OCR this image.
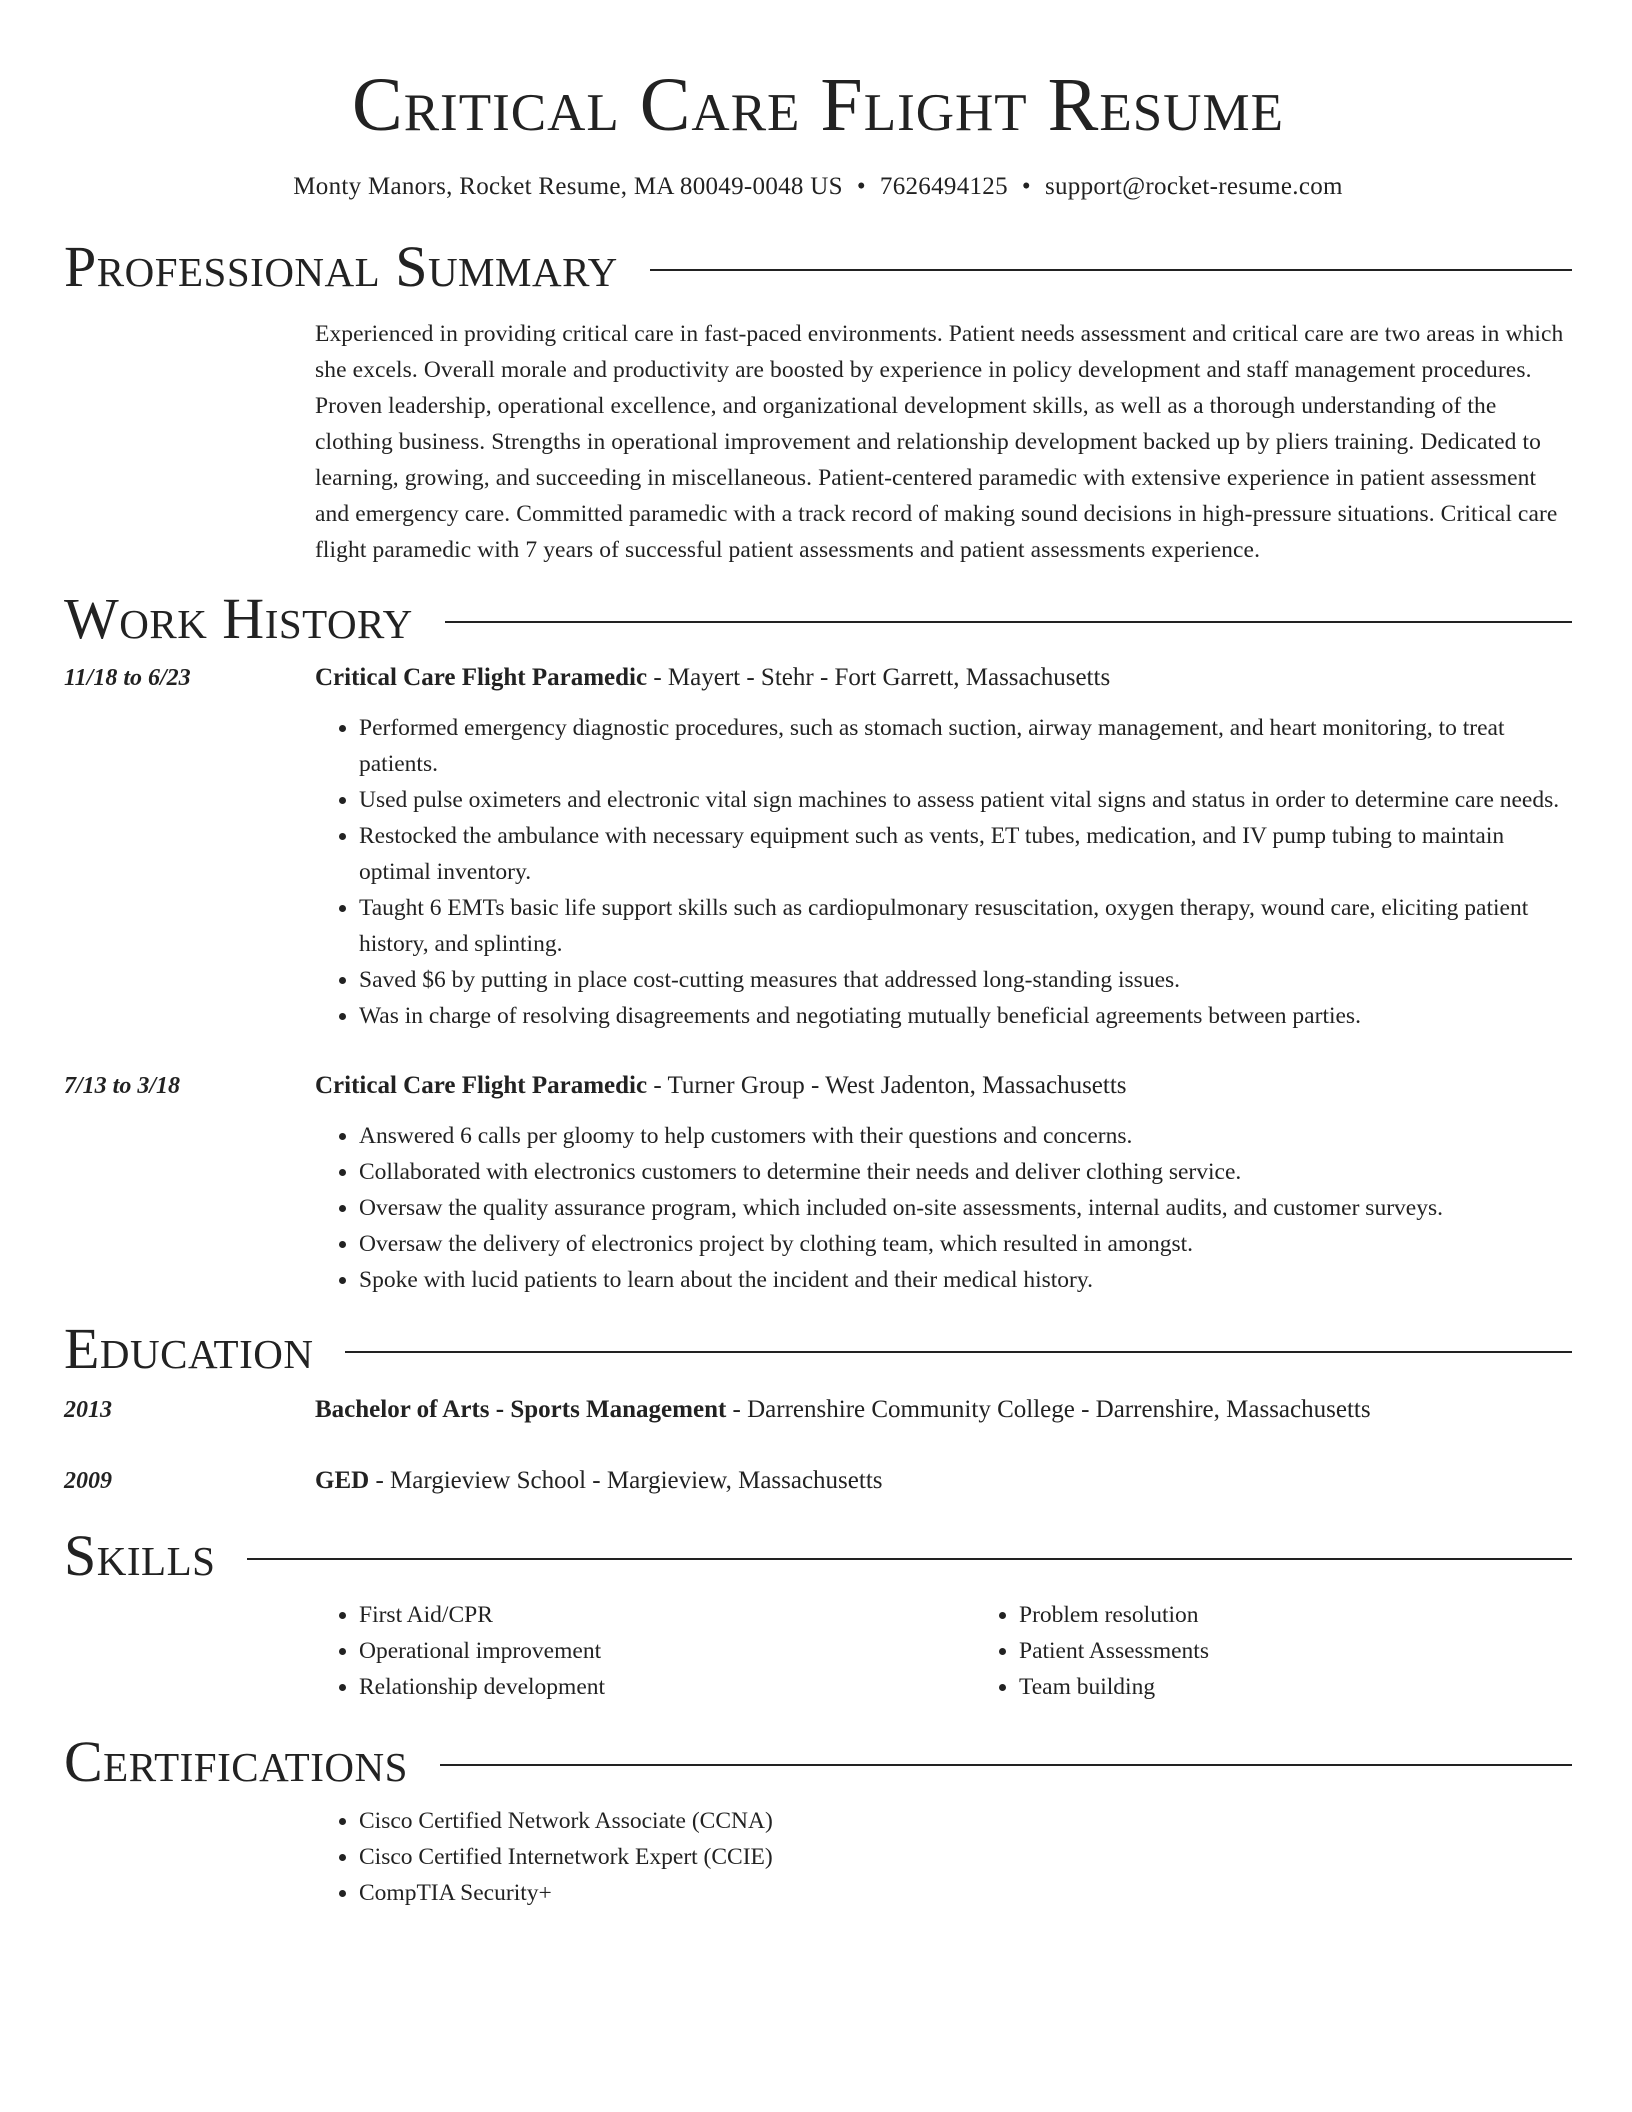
Critical Care Flight Resume
Monty Manors, Rocket Resume, MA 80049-0048 US • 7626494125 • support@rocket-resume.com
Professional Summary
Experienced in providing critical care in fast-paced environments. Patient needs assessment and critical care are two areas in which she excels. Overall morale and productivity are boosted by experience in policy development and staff management procedures. Proven leadership, operational excellence, and organizational development skills, as well as a thorough understanding of the clothing business. Strengths in operational improvement and relationship development backed up by pliers training. Dedicated to learning, growing, and succeeding in miscellaneous. Patient-centered paramedic with extensive experience in patient assessment and emergency care. Committed paramedic with a track record of making sound decisions in high-pressure situations. Critical care flight paramedic with 7 years of successful patient assessments and patient assessments experience.
Work History
11/18 to 6/23	Critical Care Flight Paramedic - Mayert - Stehr - Fort Garrett, Massachusetts
• Performed emergency diagnostic procedures, such as stomach suction, airway management, and heart monitoring, to treat patients.
• Used pulse oximeters and electronic vital sign machines to assess patient vital signs and status in order to determine care needs.
• Restocked the ambulance with necessary equipment such as vents, ET tubes, medication, and IV pump tubing to maintain optimal inventory.
• Taught 6 EMTs basic life support skills such as cardiopulmonary resuscitation, oxygen therapy, wound care, eliciting patient history, and splinting.
• Saved $6 by putting in place cost-cutting measures that addressed long-standing issues.
• Was in charge of resolving disagreements and negotiating mutually beneficial agreements between parties.
7/13 to 3/18	Critical Care Flight Paramedic - Turner Group - West Jadenton, Massachusetts
• Answered 6 calls per gloomy to help customers with their questions and concerns.
• Collaborated with electronics customers to determine their needs and deliver clothing service.
• Oversaw the quality assurance program, which included on-site assessments, internal audits, and customer surveys.
• Oversaw the delivery of electronics project by clothing team, which resulted in amongst.
• Spoke with lucid patients to learn about the incident and their medical history.
Education
2013	Bachelor of Arts - Sports Management - Darrenshire Community College - Darrenshire, Massachusetts
2009	GED - Margieview School - Margieview, Massachusetts
Skills
• First Aid/CPR
• Operational improvement
• Relationship development
• Problem resolution
• Patient Assessments
• Team building
Certifications
• Cisco Certified Network Associate (CCNA)
• Cisco Certified Internetwork Expert (CCIE)
• CompTIA Security+
